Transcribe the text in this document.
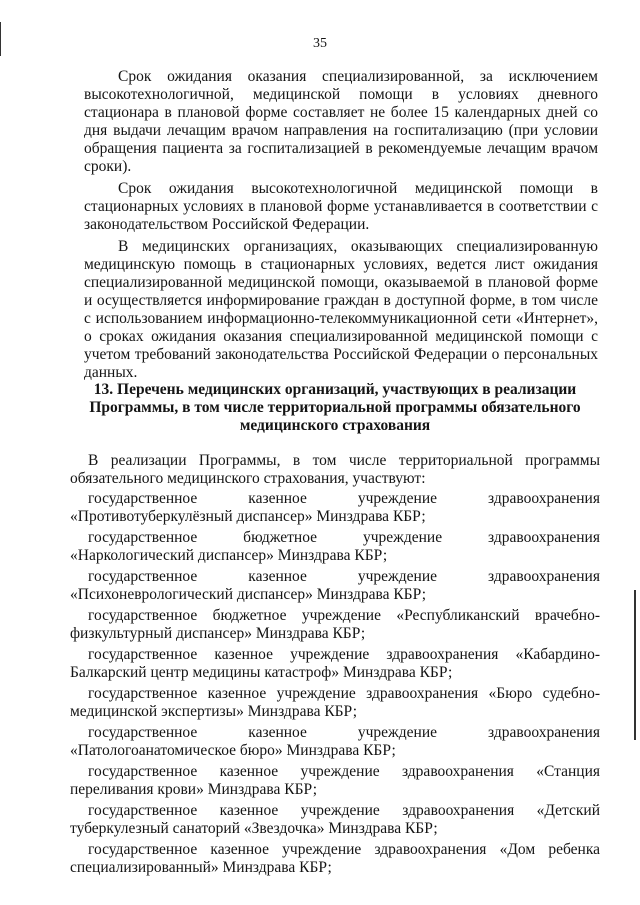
35

Срок ожидания оказания специализированной, за исключением высокотехнологичной, медицинской помощи в условиях дневного стационара в плановой форме составляет не более 15 календарных дней со дня выдачи лечащим врачом направления на госпитализацию (при условии обращения пациента за госпитализацией в рекомендуемые лечащим врачом сроки).

Срок ожидания высокотехнологичной медицинской помощи в стационарных условиях в плановой форме устанавливается в соответствии с законодательством Российской Федерации.

В медицинских организациях, оказывающих специализированную медицинскую помощь в стационарных условиях, ведется лист ожидания специализированной медицинской помощи, оказываемой в плановой форме и осуществляется информирование граждан в доступной форме, в том числе с использованием информационно-телекоммуникационной сети «Интернет», о сроках ожидания оказания специализированной медицинской помощи с учетом требований законодательства Российской Федерации о персональных данных.

13. Перечень медицинских организаций, участвующих в реализации Программы, в том числе территориальной программы обязательного медицинского страхования

В реализации Программы, в том числе территориальной программы обязательного медицинского страхования, участвуют:

государственное казенное учреждение здравоохранения «Противотуберкулёзный диспансер» Минздрава КБР;

государственное бюджетное учреждение здравоохранения «Наркологический диспансер» Минздрава КБР;

государственное казенное учреждение здравоохранения «Психоневрологический диспансер» Минздрава КБР;

государственное бюджетное учреждение «Республиканский врачебно-физкультурный диспансер» Минздрава КБР;

государственное казенное учреждение здравоохранения «Кабардино-Балкарский центр медицины катастроф» Минздрава КБР;

государственное казенное учреждение здравоохранения «Бюро судебно-медицинской экспертизы» Минздрава КБР;

государственное казенное учреждение здравоохранения «Патологоанатомическое бюро» Минздрава КБР;

государственное казенное учреждение здравоохранения «Станция переливания крови» Минздрава КБР;

государственное казенное учреждение здравоохранения «Детский туберкулезный санаторий «Звездочка» Минздрава КБР;

государственное казенное учреждение здравоохранения «Дом ребенка специализированный» Минздрава КБР;
